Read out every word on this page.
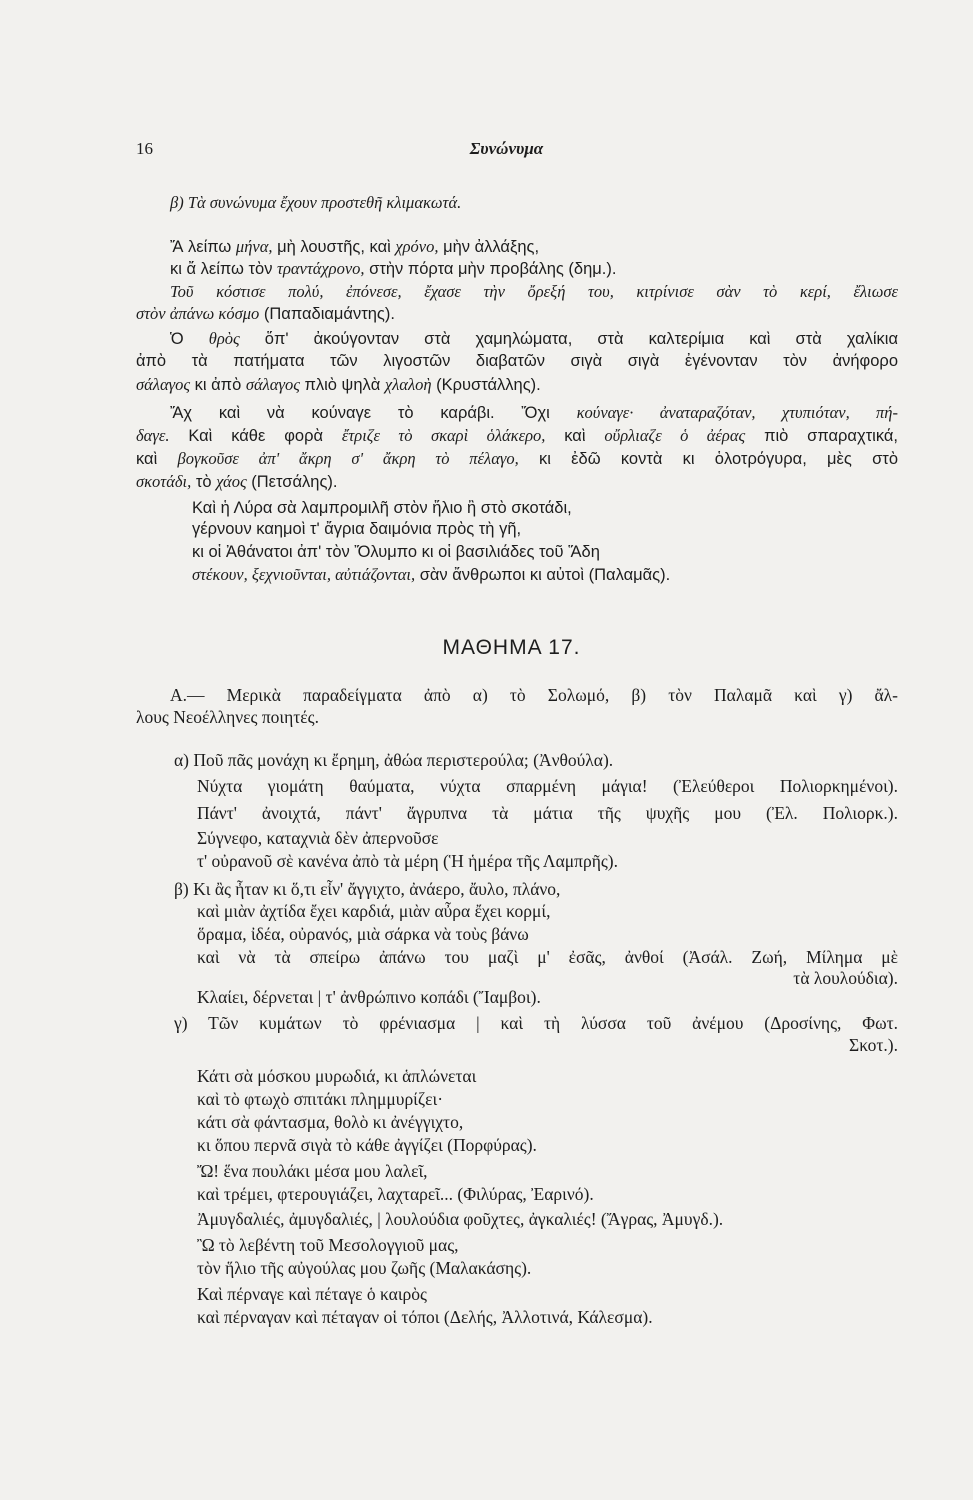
16	Συνώνυμα
β) Τὰ συνώνυμα ἔχουν προστεθῆ κλιμακωτά.
Ἄ λείπω μήνα, μὴ λουστῆς, καὶ χρόνο, μὴν ἀλλάξης,
κι ἄ λείπω τὸν τραντάχρονο, στὴν πόρτα μὴν προβάλης (δημ.).
Τοῦ κόστισε πολύ, ἐπόνεσε, ἔχασε τὴν ὄρεξή του, κιτρίνισε σὰν τὸ κερί, ἔλιωσε
στὸν ἀπάνω κόσμο (Παπαδιαμάντης).
Ὁ θρὸς ὅπ' ἀκούγονταν στὰ χαμηλώματα, στὰ καλτερίμια καὶ στὰ χαλίκια
ἀπὸ τὰ πατήματα τῶν λιγοστῶν διαβατῶν σιγὰ σιγὰ ἐγένονταν τὸν ἀνήφορο
σάλαγος κι ἀπὸ σάλαγος πλιὸ ψηλὰ χλαλοὴ (Κρυστάλλης).
Ἄχ καὶ νὰ κούναγε τὸ καράβι. Ὄχι κούναγε· ἀναταραζόταν, χτυπιόταν, πή-
δαγε. Καὶ κάθε φορὰ ἔτριζε τὸ σκαρὶ ὁλάκερο, καὶ οὔρλιαζε ὁ ἀέρας πιὸ σπαραχτικά,
καὶ βογκοῦσε ἀπ' ἄκρη σ' ἄκρη τὸ πέλαγο, κι ἐδῶ κοντὰ κι ὁλοτρόγυρα, μὲς στὸ
σκοτάδι, τὸ χάος (Πετσάλης).
Καὶ ἡ Λύρα σὰ λαμπρομιλῆ στὸν ἥλιο ἢ στὸ σκοτάδι,
γέρνουν καημοὶ τ' ἄγρια δαιμόνια πρὸς τὴ γῆ,
κι οἱ Ἀθάνατοι ἀπ' τὸν Ὄλυμπο κι οἱ βασιλιάδες τοῦ Ἅδη
στέκουν, ξεχνιοῦνται, αὐτιάζονται, σὰν ἄνθρωποι κι αὐτοὶ (Παλαμᾶς).
ΜΑΘΗΜΑ 17.
Α.— Μερικὰ παραδείγματα ἀπὸ α) τὸ Σολωμό, β) τὸν Παλαμᾶ καὶ γ) ἄλ-
λους Νεοέλληνες ποιητές.
α) Ποῦ πᾶς μονάχη κι ἔρημη, ἀθώα περιστερούλα; (Ἀνθούλα).
Νύχτα γιομάτη θαύματα, νύχτα σπαρμένη μάγια! (Ἐλεύθεροι Πολιορκημένοι).
Πάντ' ἀνοιχτά, πάντ' ἄγρυπνα τὰ μάτια τῆς ψυχῆς μου (Ἐλ. Πολιορκ.).
Σύγνεφο, καταχνιὰ δὲν ἀπερνοῦσε
τ' οὐρανοῦ σὲ κανένα ἀπὸ τὰ μέρη (Ἡ ἡμέρα τῆς Λαμπρῆς).
β) Κι ἂς ἦταν κι ὅ,τι εἶν' ἄγγιχτο, ἀνάερο, ἄυλο, πλάνο,
καὶ μιὰν ἀχτίδα ἔχει καρδιά, μιὰν αὖρα ἔχει κορμί,
ὅραμα, ἰδέα, οὐρανός, μιὰ σάρκα νὰ τοὺς βάνω
καὶ νὰ τὰ σπείρω ἀπάνω του μαζὶ μ' ἐσᾶς, ἀνθοί (Ἀσάλ. Ζωή, Μίλημα μὲ
τὰ λουλούδια).
Κλαίει, δέρνεται | τ' ἀνθρώπινο κοπάδι (Ἴαμβοι).
γ) Τῶν κυμάτων τὸ φρένιασμα | καὶ τὴ λύσσα τοῦ ἀνέμου (Δροσίνης, Φωτ.
Σκοτ.).
Κάτι σὰ μόσκου μυρωδιά, κι ἁπλώνεται
καὶ τὸ φτωχὸ σπιτάκι πλημμυρίζει·
κάτι σὰ φάντασμα, θολὸ κι ἀνέγγιχτο,
κι ὅπου περνᾶ σιγὰ τὸ κάθε ἀγγίζει (Πορφύρας).
Ὤ! ἕνα πουλάκι μέσα μου λαλεῖ,
καὶ τρέμει, φτερουγιάζει, λαχταρεῖ... (Φιλύρας, Ἐαρινό).
Ἀμυγδαλιές, ἀμυγδαλιές, | λουλούδια φοῦχτες, ἀγκαλιές! (Ἄγρας, Ἀμυγδ.).
Ὢ τὸ λεβέντη τοῦ Μεσολογγιοῦ μας,
τὸν ἥλιο τῆς αὐγούλας μου ζωῆς (Μαλακάσης).
Καὶ πέρναγε καὶ πέταγε ὁ καιρὸς
καὶ πέρναγαν καὶ πέταγαν οἱ τόποι (Δελής, Ἀλλοτινά, Κάλεσμα).
